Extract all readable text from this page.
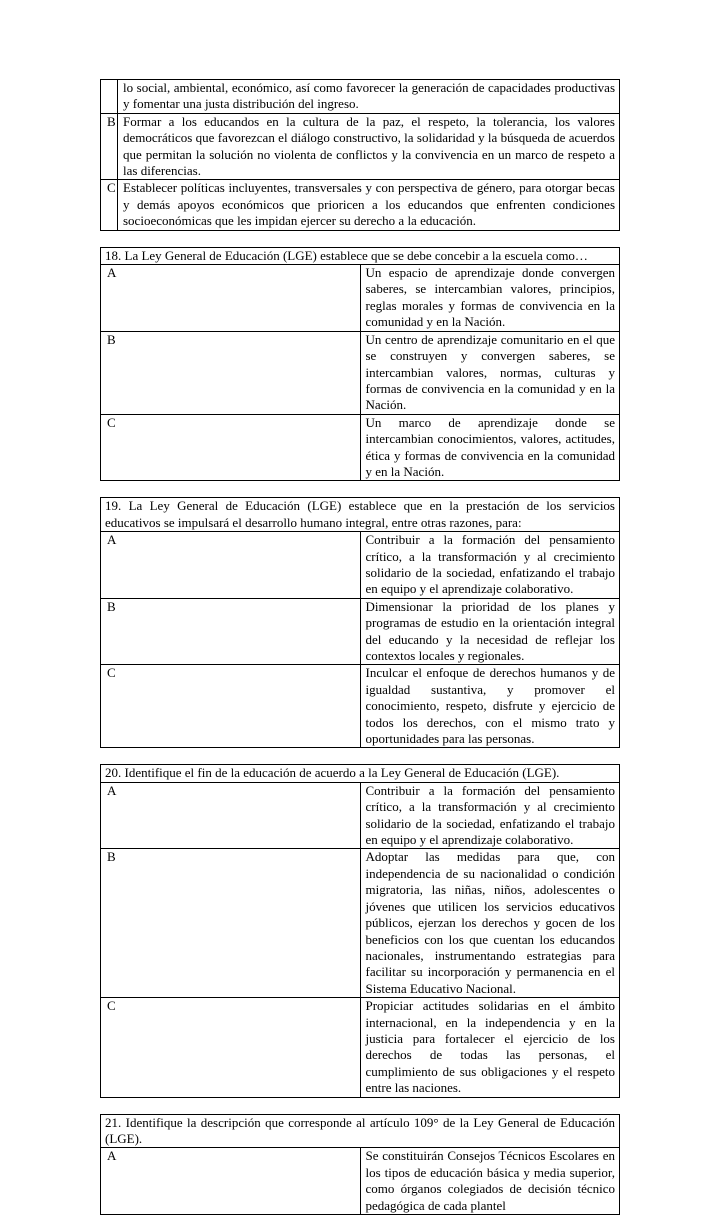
	lo social, ambiental, económico, así como favorecer la generación de capacidades productivas y fomentar una justa distribución del ingreso.
B	Formar a los educandos en la cultura de la paz, el respeto, la tolerancia, los valores democráticos que favorezcan el diálogo constructivo, la solidaridad y la búsqueda de acuerdos que permitan la solución no violenta de conflictos y la convivencia en un marco de respeto a las diferencias.
C	Establecer políticas incluyentes, transversales y con perspectiva de género, para otorgar becas y demás apoyos económicos que prioricen a los educandos que enfrenten condiciones socioeconómicas que les impidan ejercer su derecho a la educación.
18. La Ley General de Educación (LGE) establece que se debe concebir a la escuela como…	
A	Un espacio de aprendizaje donde convergen saberes, se intercambian valores, principios, reglas morales y formas de convivencia en la comunidad y en la Nación.
B	Un centro de aprendizaje comunitario en el que se construyen y convergen saberes, se intercambian valores, normas, culturas y formas de convivencia en la comunidad y en la Nación.
C	Un marco de aprendizaje donde se intercambian conocimientos, valores, actitudes, ética y formas de convivencia en la comunidad y en la Nación.
19. La Ley General de Educación (LGE) establece que en la prestación de los servicios educativos se impulsará el desarrollo humano integral, entre otras razones, para:	
A	Contribuir a la formación del pensamiento crítico, a la transformación y al crecimiento solidario de la sociedad, enfatizando el trabajo en equipo y el aprendizaje colaborativo.
B	Dimensionar la prioridad de los planes y programas de estudio en la orientación integral del educando y la necesidad de reflejar los contextos locales y regionales.
C	Inculcar el enfoque de derechos humanos y de igualdad sustantiva, y promover el conocimiento, respeto, disfrute y ejercicio de todos los derechos, con el mismo trato y oportunidades para las personas.
20. Identifique el fin de la educación de acuerdo a la Ley General de Educación (LGE).	
A	Contribuir a la formación del pensamiento crítico, a la transformación y al crecimiento solidario de la sociedad, enfatizando el trabajo en equipo y el aprendizaje colaborativo.
B	Adoptar las medidas para que, con independencia de su nacionalidad o condición migratoria, las niñas, niños, adolescentes o jóvenes que utilicen los servicios educativos públicos, ejerzan los derechos y gocen de los beneficios con los que cuentan los educandos nacionales, instrumentando estrategias para facilitar su incorporación y permanencia en el Sistema Educativo Nacional.
C	Propiciar actitudes solidarias en el ámbito internacional, en la independencia y en la justicia para fortalecer el ejercicio de los derechos de todas las personas, el cumplimiento de sus obligaciones y el respeto entre las naciones.
21. Identifique la descripción que corresponde al artículo 109° de la Ley General de Educación (LGE).
A	Se constituirán Consejos Técnicos Escolares en los tipos de educación básica y media superior, como órganos colegiados de decisión técnico pedagógica de cada plantel
